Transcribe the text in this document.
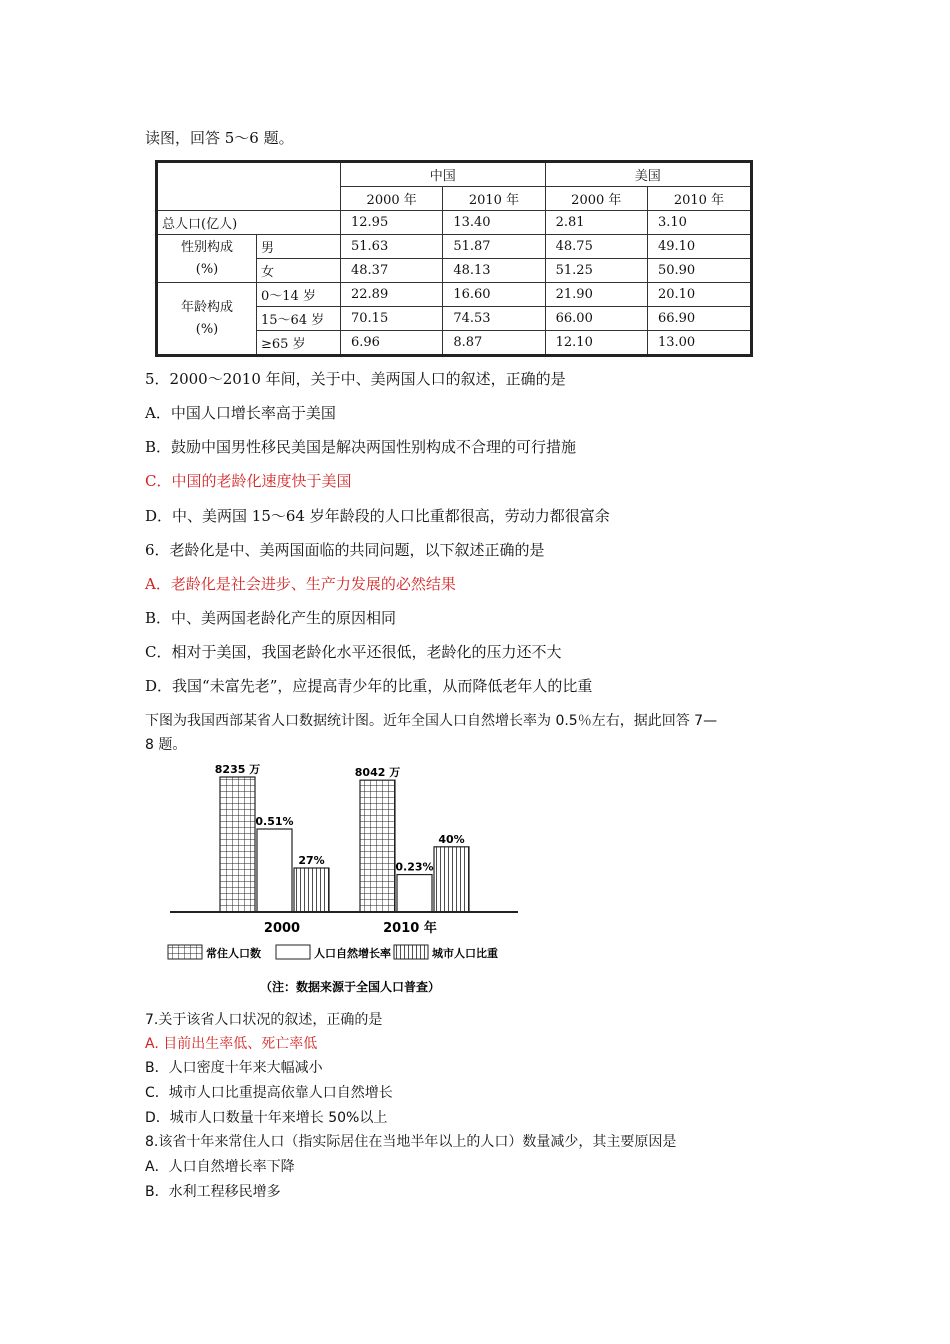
读图，回答 5～6 题。
		中国		美国	
		2000 年	2010 年	2000 年	2010 年
总人口(亿人)		12.95	13.40	2.81	3.10
性别构成
(%)	男	51.63	51.87	48.75	49.10
	女	48.37	48.13	51.25	50.90
年龄构成
(%)	0～14 岁	22.89	16.60	21.90	20.10
	15～64 岁	70.15	74.53	66.00	66.90
	≥65 岁	6.96	8.87	12.10	13.00
5．2000～2010 年间，关于中、美两国人口的叙述，正确的是
A．中国人口增长率高于美国
B．鼓励中国男性移民美国是解决两国性别构成不合理的可行措施
C．中国的老龄化速度快于美国
D．中、美两国 15～64 岁年龄段的人口比重都很高，劳动力都很富余
6．老龄化是中、美两国面临的共同问题，以下叙述正确的是
A．老龄化是社会进步、生产力发展的必然结果
B．中、美两国老龄化产生的原因相同
C．相对于美国，我国老龄化水平还很低，老龄化的压力还不大
D．我国“未富先老”，应提高青少年的比重，从而降低老年人的比重
下图为我国西部某省人口数据统计图。近年全国人口自然增长率为 0.5％左右，据此回答 7—
8 题。
8235 万	8042 万
0.51%
0.23%
27%
40%
2000	2010 年
常住人口数	人口自然增长率	城市人口比重
（注：数据来源于全国人口普查）
7.关于该省人口状况的叙述，正确的是
A. 目前出生率低、死亡率低
B．人口密度十年来大幅减小
C．城市人口比重提高依靠人口自然增长
D．城市人口数量十年来增长 50%以上
8.该省十年来常住人口（指实际居住在当地半年以上的人口）数量减少，其主要原因是
A．人口自然增长率下降
B．水利工程移民增多
